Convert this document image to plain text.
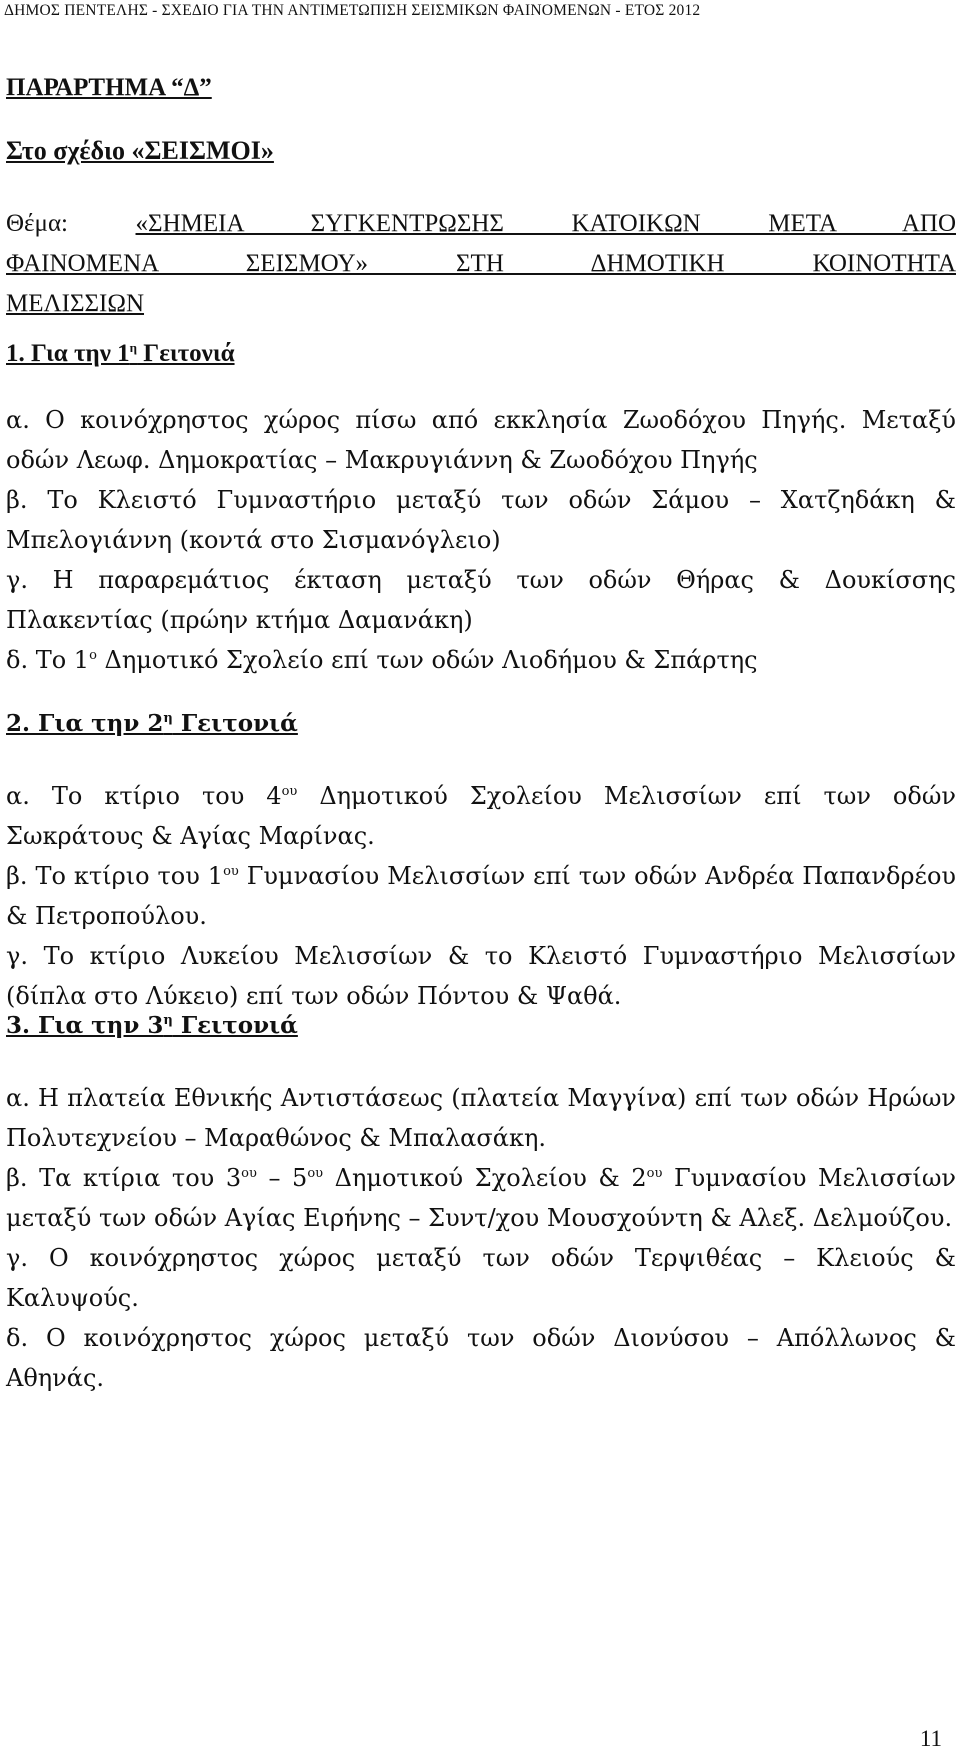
ΔΗΜΟΣ ΠΕΝΤΕΛΗΣ - ΣΧΕΔΙΟ ΓΙΑ ΤΗΝ ΑΝΤΙΜΕΤΩΠΙΣΗ ΣΕΙΣΜΙΚΩΝ ΦΑΙΝΟΜΕΝΩΝ - ΕΤΟΣ 2012
ΠΑΡΑΡΤΗΜΑ “Δ”
Στο σχέδιο «ΣΕΙΣΜΟΙ»
Θέμα:	«ΣΗΜΕΙΑ ΣΥΓΚΕΝΤΡΩΣΗΣ ΚΑΤΟΙΚΩΝ ΜΕΤΑ ΑΠΟ
ΦΑΙΝΟΜΕΝΑ ΣΕΙΣΜΟΥ» ΣΤΗ ΔΗΜΟΤΙΚΗ ΚΟΙΝΟΤΗΤΑ
ΜΕΛΙΣΣΙΩΝ
1. Για την $1^\eta$ Γειτονιά
α. Ο κοινόχρηστος χώρος πίσω από εκκλησία Ζωοδόχου Πηγής. Μεταξύ οδών Λεωφ. Δημοκρατίας – Μακρυγιάννη & Ζωοδόχου Πηγής
β. Το Κλειστό Γυμναστήριο μεταξύ των οδών Σάμου – Χατζηδάκη & Μπελογιάννη (κοντά στο Σισμανόγλειο)
γ. Η παραρεμάτιος έκταση μεταξύ των οδών Θήρας & Δουκίσσης Πλακεντίας (πρώην κτήμα Δαμανάκη)
δ. Το $1^o$ Δημοτικό Σχολείο επί των οδών Λιοδήμου & Σπάρτης
2. Για την $2^\eta$ Γειτονιά
α. Το κτίριο του $4^{o\upsilon}$ Δημοτικού Σχολείου Μελισσίων επί των οδών Σωκράτους & Αγίας Μαρίνας.
β. Το κτίριο του $1^{o\upsilon}$ Γυμνασίου Μελισσίων επί των οδών Ανδρέα Παπανδρέου & Πετροπούλου.
γ. Το κτίριο Λυκείου Μελισσίων & το Κλειστό Γυμναστήριο Μελισσίων (δίπλα στο Λύκειο) επί των οδών Πόντου & Ψαθά.
3. Για την $3^\eta$ Γειτονιά
α. Η πλατεία Εθνικής Αντιστάσεως (πλατεία Μαγγίνα) επί των οδών Ηρώων Πολυτεχνείου – Μαραθώνος & Μπαλασάκη.
β. Τα κτίρια του $3^{o\upsilon} - 5^{o\upsilon}$ Δημοτικού Σχολείου & $2^{o\upsilon}$ Γυμνασίου Μελισσίων μεταξύ των οδών Αγίας Ειρήνης – Συντ/χου Μουσχούντη & Αλεξ. Δελμούζου.
γ. Ο κοινόχρηστος χώρος μεταξύ των οδών Τερψιθέας – Κλειούς & Καλυψούς.
δ. Ο κοινόχρηστος χώρος μεταξύ των οδών Διονύσου – Απόλλωνος & Αθηνάς.
11
